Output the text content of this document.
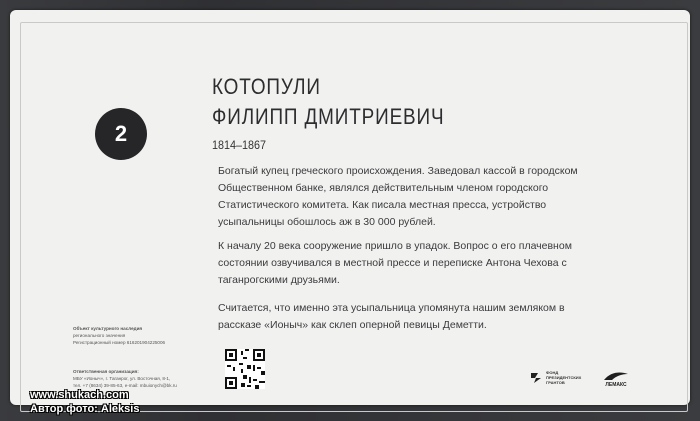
2
КОТОПУЛИ
ФИЛИПП ДМИТРИЕВИЧ
1814–1867
Богатый купец греческого происхождения. Заведовал кассой в городском Общественном банке, являлся действительным членом городского Статистического комитета. Как писала местная пресса, устройство усыпальницы обошлось аж в 30 000 рублей.
К началу 20 века сооружение пришло в упадок. Вопрос о его плачевном состоянии озвучивался в местной прессе и переписке Антона Чехова с таганрогскими друзьями.
Считается, что именно эта усыпальница упомянута нашим земляком в рассказе «Ионыч» как склеп оперной певицы Деметти.
Объект культурного наследия
регионального значения
Регистрационный номер 616201904225006
Ответственная организация:
МБУ «Ионыч», г. Таганрог, ул. Восточная, 8-1,
тел. +7 (8634) 39-85-63, e-mail: mbuionych@bk.ru
ФОНД ПРЕЗИДЕНТСКИХ ГРАНТОВ	ЛЕМАКС
www.shukach.com
Автор фото: Aleksis
